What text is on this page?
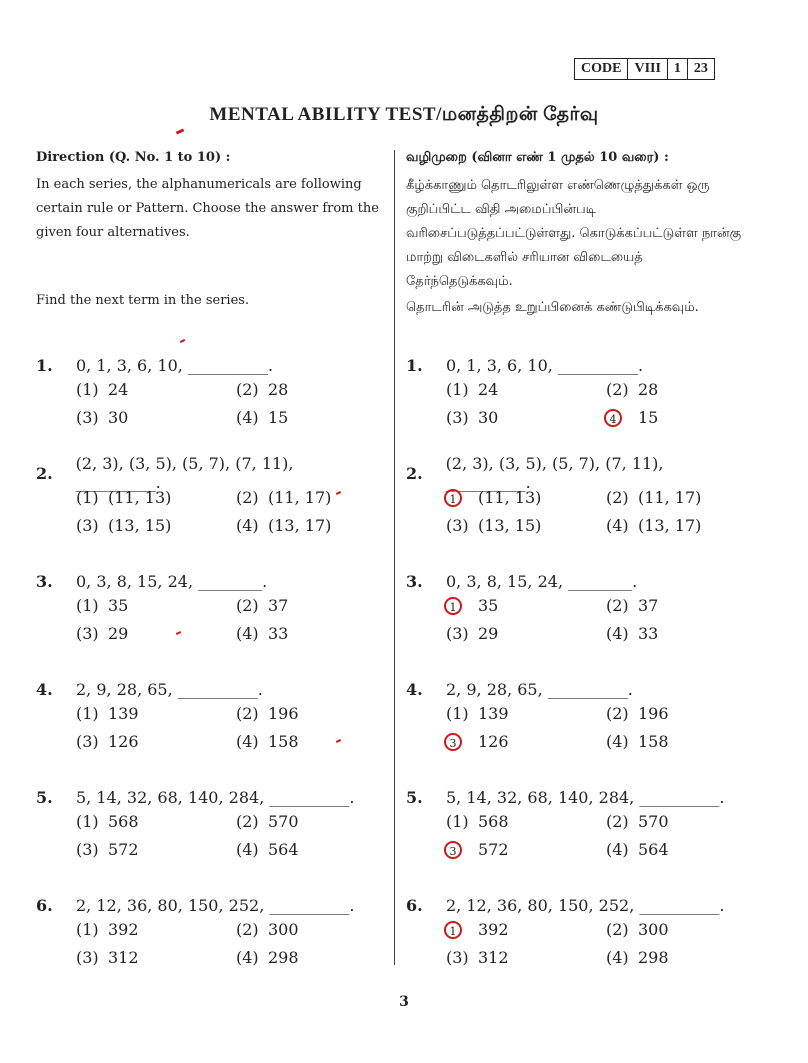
CODE VIII 1 23
MENTAL ABILITY TEST/மனத்திறன் தேர்வு
Direction (Q. No. 1 to 10) :

In each series, the alphanumericals are following certain rule or Pattern. Choose the answer from the given four alternatives.

Find the next term in the series.

வழிமுறை (வினா எண் 1 முதல் 10 வரை) :

கீழ்க்காணும் தொடரிலுள்ள எண்ணெழுத்துக்கள் ஒரு குறிப்பிட்ட விதி அமைப்பின்படி வரிசைப்படுத்தப்பட்டுள்ளது. கொடுக்கப்பட்டுள்ள நான்கு மாற்று விடைகளில் சரியான விடையைத் தேர்ந்தெடுக்கவும்.

தொடரின் அடுத்த உறுப்பினைக் கண்டுபிடிக்கவும்.

1.	0, 1, 3, 6, 10, __________.
(1) 24	(2) 28
(3) 30	(4) 15
1.	0, 1, 3, 6, 10, __________.
(1) 24	(2) 28
(3) 30	4	15
2.	(2, 3), (3, 5), (5, 7), (7, 11), __________.
(1) (11, 13)	(2) (11, 17)
(3) (13, 15)	(4) (13, 17)
2.	(2, 3), (3, 5), (5, 7), (7, 11), __________.
1	(11, 13)	(2) (11, 17)
(3) (13, 15)	(4) (13, 17)
3.	0, 3, 8, 15, 24, ________.
(1) 35	(2) 37
(3) 29	(4) 33
3.	0, 3, 8, 15, 24, ________.
1	35	(2) 37
(3) 29	(4) 33
4.	2, 9, 28, 65, __________.
(1) 139	(2) 196
(3) 126	(4) 158
4.	2, 9, 28, 65, __________.
(1) 139	(2) 196
3	126	(4) 158
5.	5, 14, 32, 68, 140, 284, __________.
(1) 568	(2) 570
(3) 572	(4) 564
5.	5, 14, 32, 68, 140, 284, __________.
(1) 568	(2) 570
3	572	(4) 564
6.	2, 12, 36, 80, 150, 252, __________.
(1) 392	(2) 300
(3) 312	(4) 298
6.	2, 12, 36, 80, 150, 252, __________.
1	392	(2) 300
(3) 312	(4) 298
3
